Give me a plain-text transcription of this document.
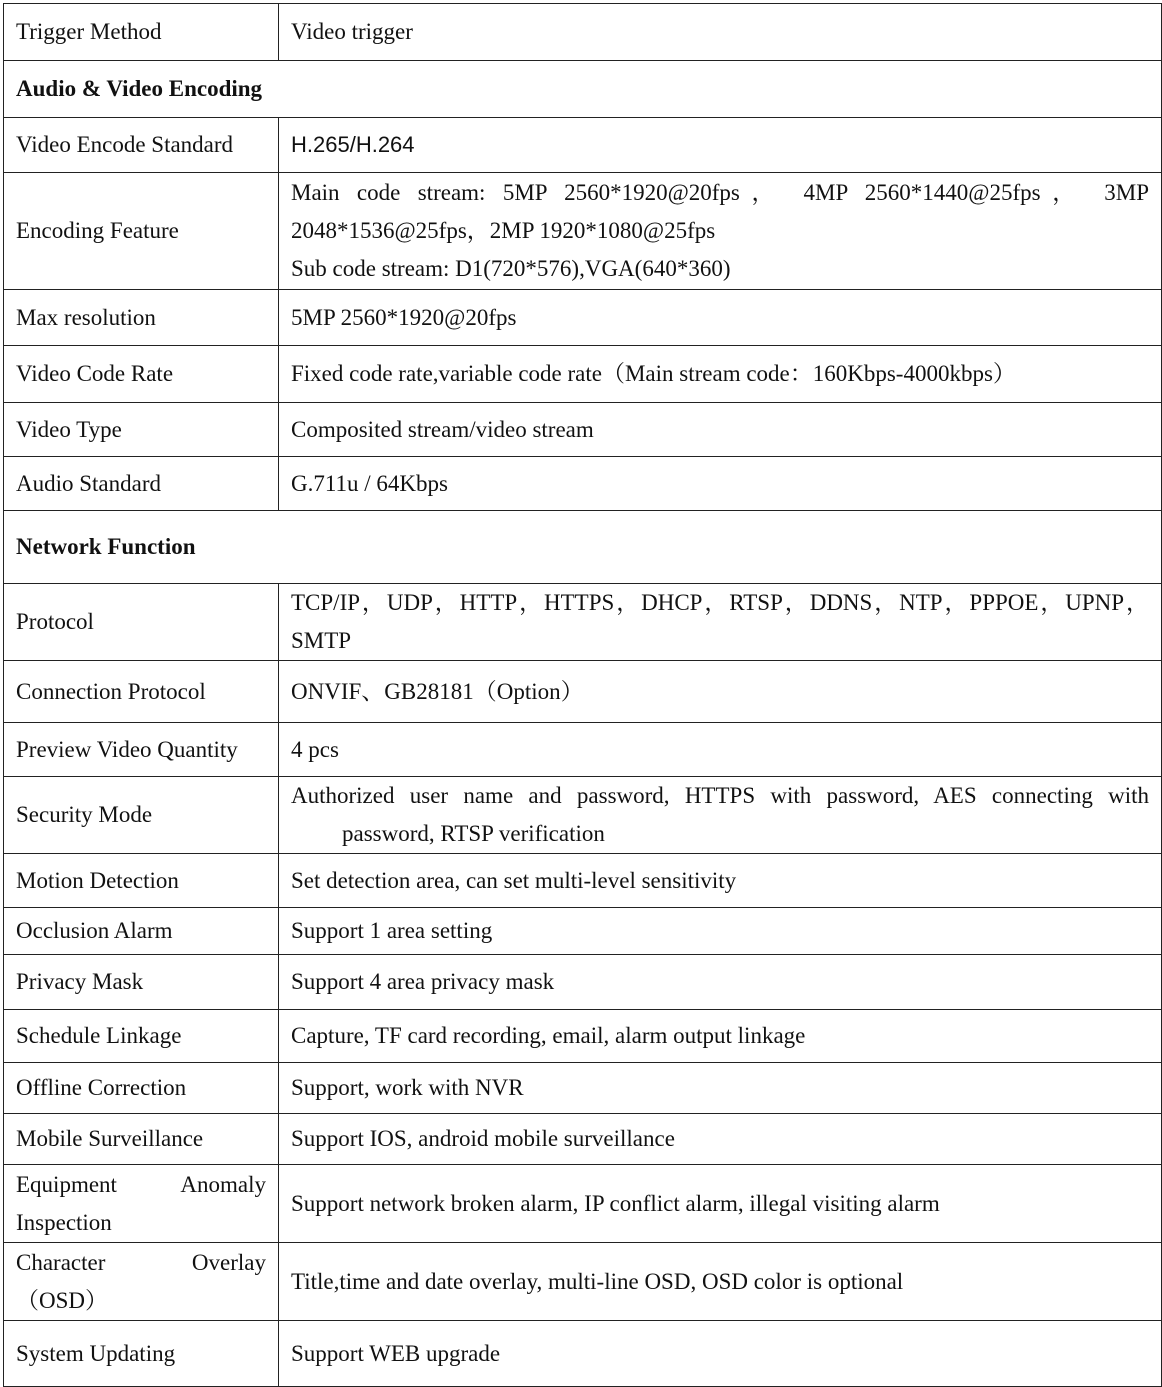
Trigger Method	Video trigger
Audio & Video Encoding	
Video Encode Standard	H.265/H.264
Encoding Feature	Main code stream: 5MP 2560*1920@20fps， 4MP 2560*1440@25fps， 3MP
2048*1536@25fps，2MP 1920*1080@25fps
Sub code stream: D1(720*576),VGA(640*360)

Max resolution	5MP 2560*1920@20fps
Video Code Rate	Fixed code rate,variable code rate（Main stream code：160Kbps-4000kbps）
Video Type	Composited stream/video stream
Audio Standard	G.711u / 64Kbps
Network Function	
Protocol	TCP/IP，UDP，HTTP，HTTPS，DHCP，RTSP，DDNS，NTP，PPPOE，UPNP，
SMTP

Connection Protocol	ONVIF、GB28181（Option）
Preview Video Quantity	4 pcs
Security Mode	Authorized user name and password, HTTPS with password, AES connecting with
password, RTSP verification

Motion Detection	Set detection area, can set multi-level sensitivity
Occlusion Alarm	Support 1 area setting
Privacy Mask	Support 4 area privacy mask
Schedule Linkage	Capture, TF card recording, email, alarm output linkage
Offline Correction	Support, work with NVR
Mobile Surveillance	Support IOS, android mobile surveillance

Equipment Anomaly
Inspection	Support network broken alarm, IP conflict alarm, illegal visiting alarm

Character Overlay
（OSD）	Title,time and date overlay, multi-line OSD, OSD color is optional
System Updating	Support WEB upgrade
